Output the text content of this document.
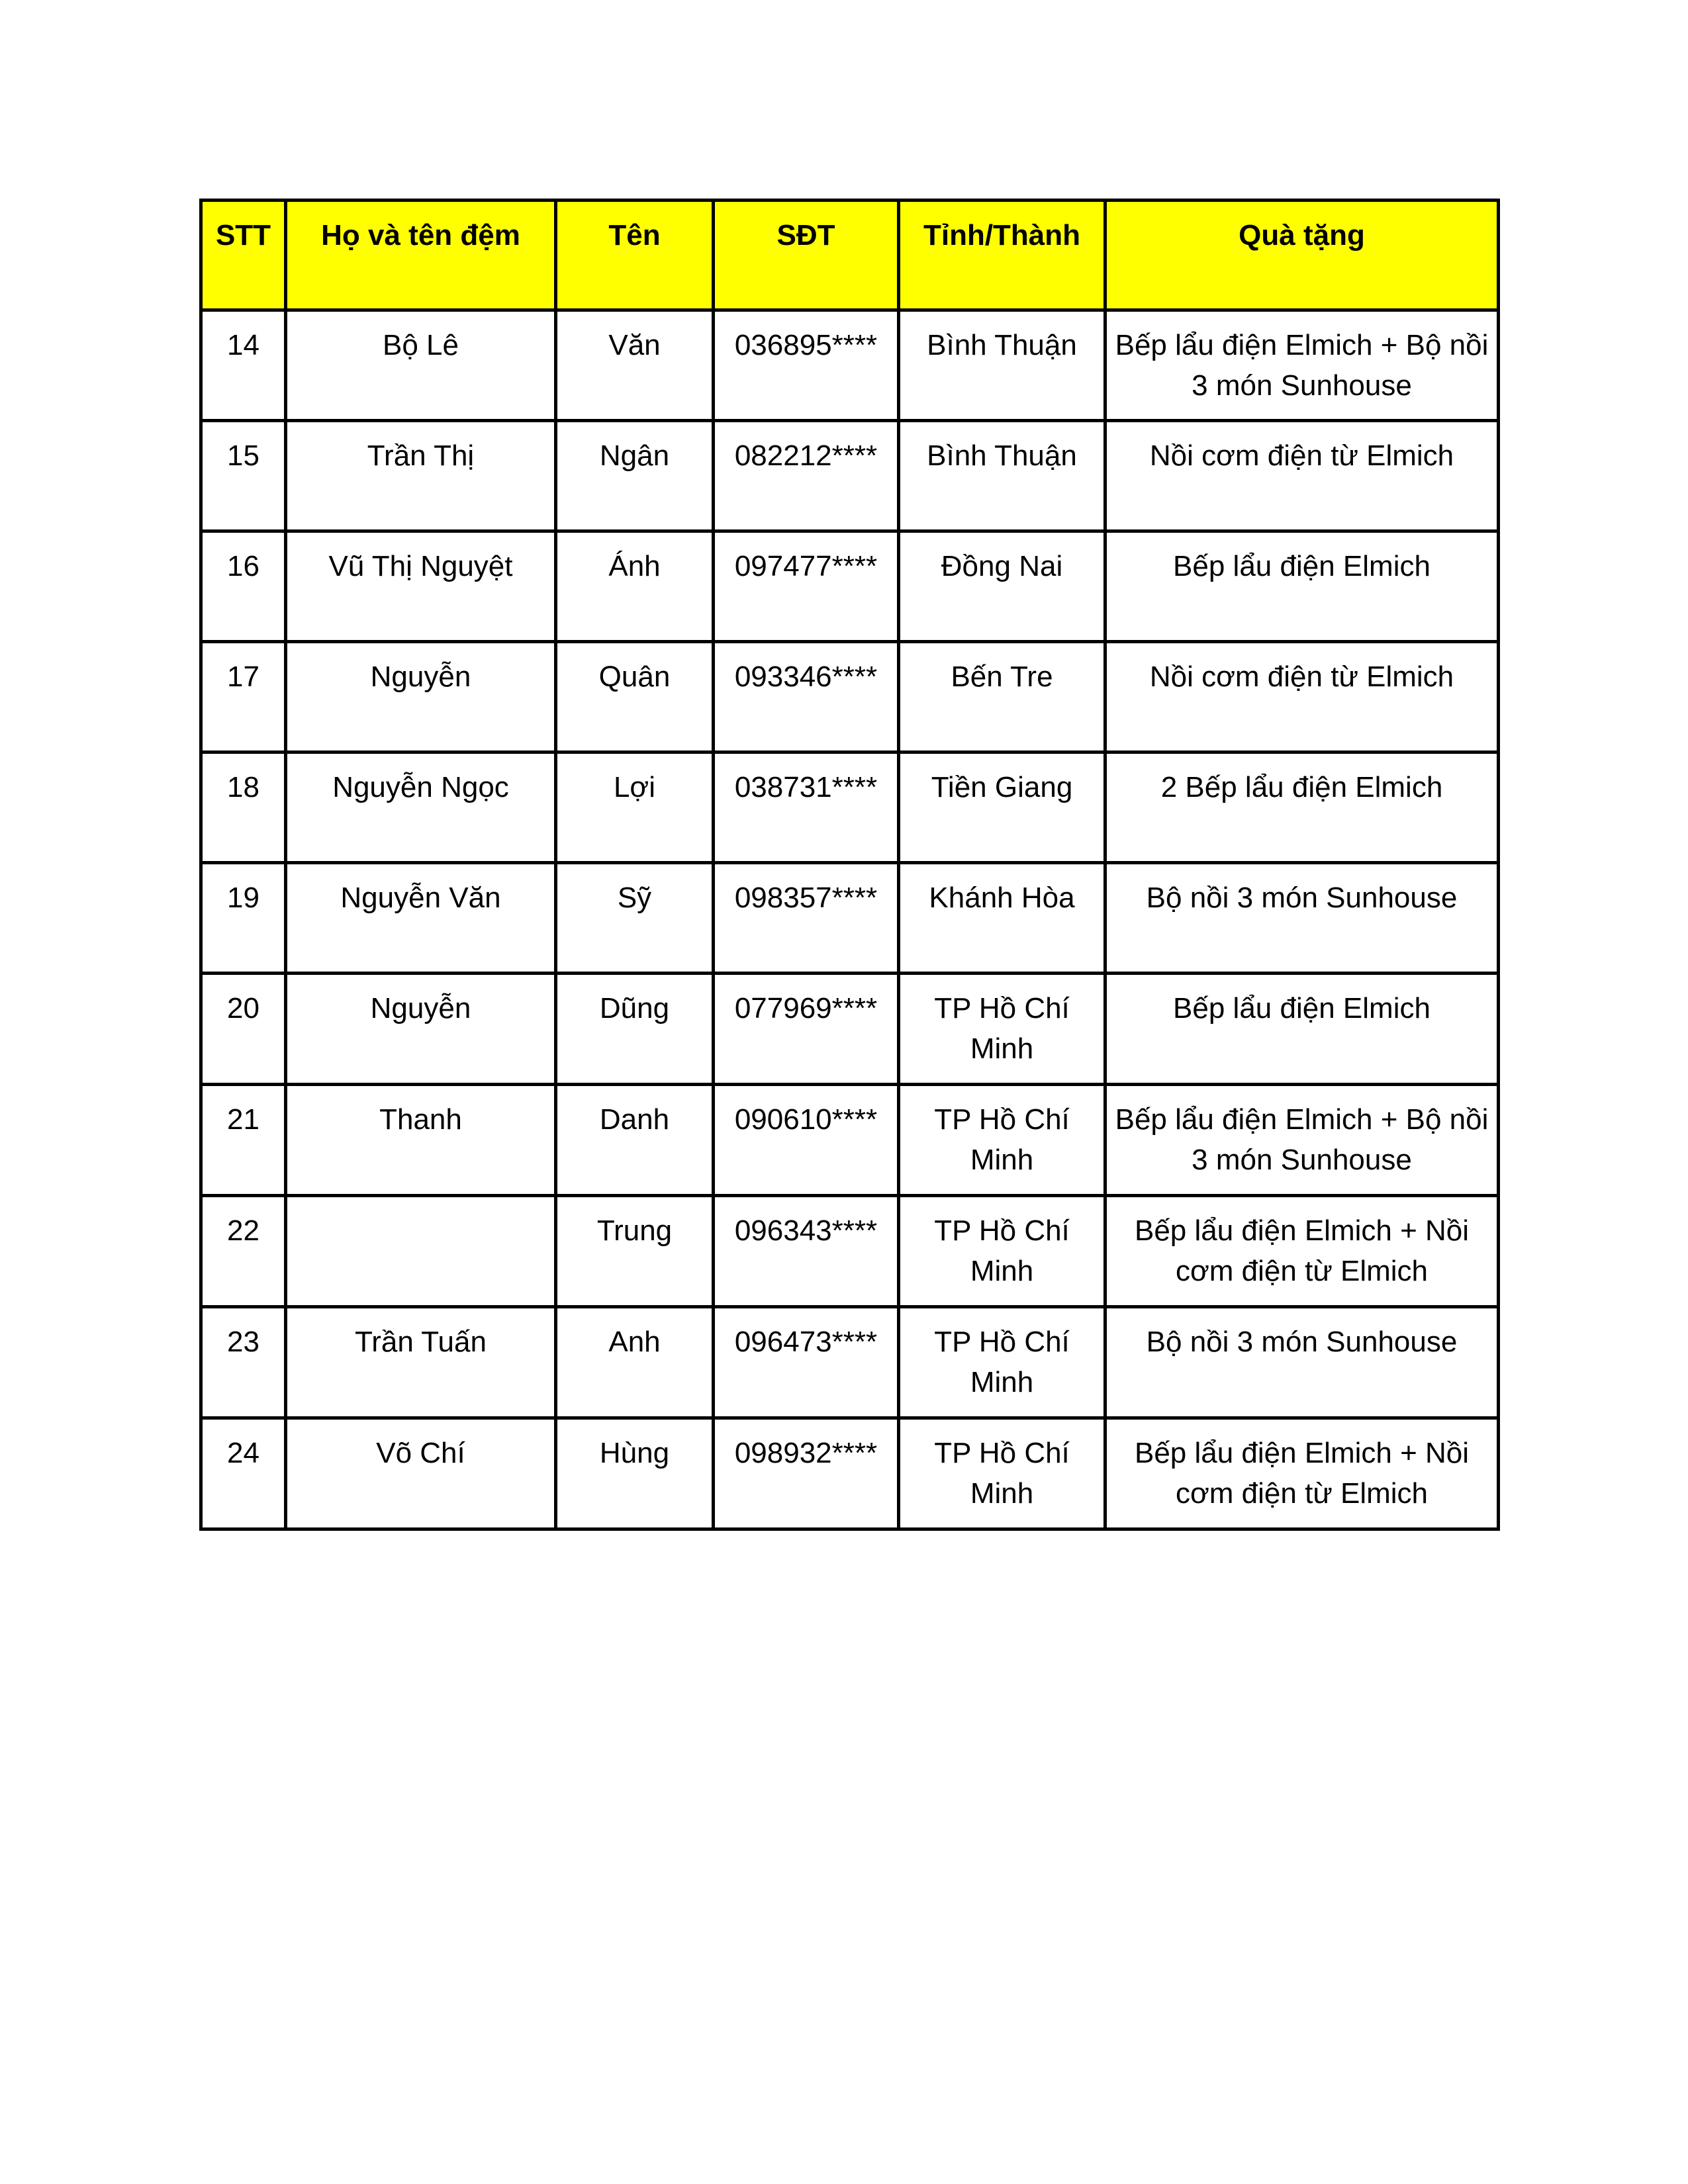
STT	Họ và tên đệm	Tên	SĐT	Tỉnh/Thành	Quà tặng
14	Bộ Lê	Văn	036895****	Bình Thuận	Bếp lẩu điện Elmich + Bộ nồi 3 món Sunhouse
15	Trần Thị	Ngân	082212****	Bình Thuận	Nồi cơm điện từ Elmich
16	Vũ Thị Nguyệt	Ánh	097477****	Đồng Nai	Bếp lẩu điện Elmich
17	Nguyễn	Quân	093346****	Bến Tre	Nồi cơm điện từ Elmich
18	Nguyễn Ngọc	Lợi	038731****	Tiền Giang	2 Bếp lẩu điện Elmich
19	Nguyễn Văn	Sỹ	098357****	Khánh Hòa	Bộ nồi 3 món Sunhouse
20	Nguyễn	Dũng	077969****	TP Hồ Chí Minh	Bếp lẩu điện Elmich
21	Thanh	Danh	090610****	TP Hồ Chí Minh	Bếp lẩu điện Elmich + Bộ nồi 3 món Sunhouse
22		Trung	096343****	TP Hồ Chí Minh	Bếp lẩu điện Elmich + Nồi cơm điện từ Elmich
23	Trần Tuấn	Anh	096473****	TP Hồ Chí Minh	Bộ nồi 3 món Sunhouse
24	Võ Chí	Hùng	098932****	TP Hồ Chí Minh	Bếp lẩu điện Elmich + Nồi cơm điện từ Elmich
